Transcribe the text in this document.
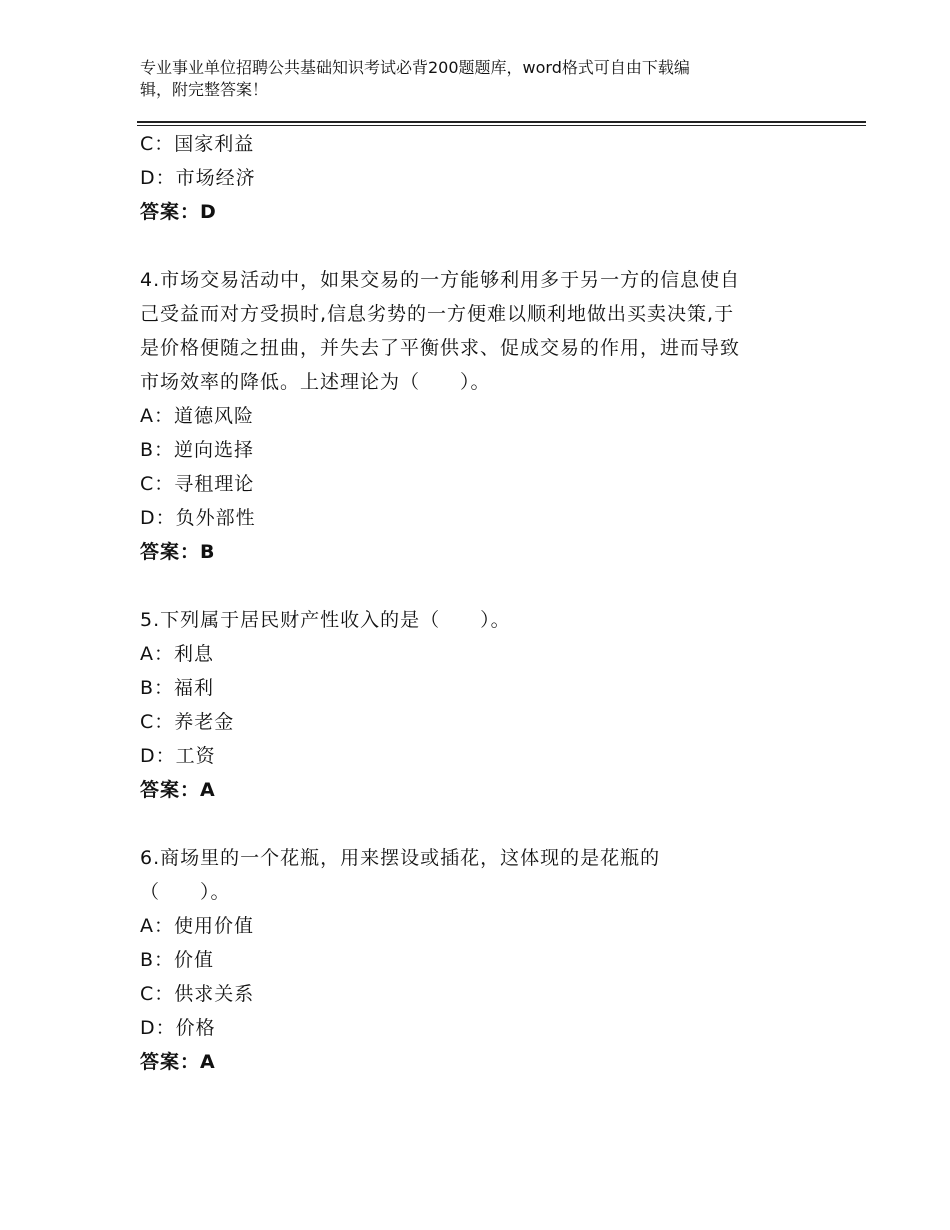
专业事业单位招聘公共基础知识考试必背200题题库，word格式可自由下载编
辑，附完整答案！
C：国家利益
D：市场经济
答案：D
4.市场交易活动中，如果交易的一方能够利用多于另一方的信息使自
己受益而对方受损时,信息劣势的一方便难以顺利地做出买卖决策,于
是价格便随之扭曲，并失去了平衡供求、促成交易的作用，进而导致
市场效率的降低。上述理论为（　　）。
A：道德风险
B：逆向选择
C：寻租理论
D：负外部性
答案：B
5.下列属于居民财产性收入的是（　　）。
A：利息
B：福利
C：养老金
D：工资
答案：A
6.商场里的一个花瓶，用来摆设或插花，这体现的是花瓶的
（　　）。
A：使用价值
B：价值
C：供求关系
D：价格
答案：A
